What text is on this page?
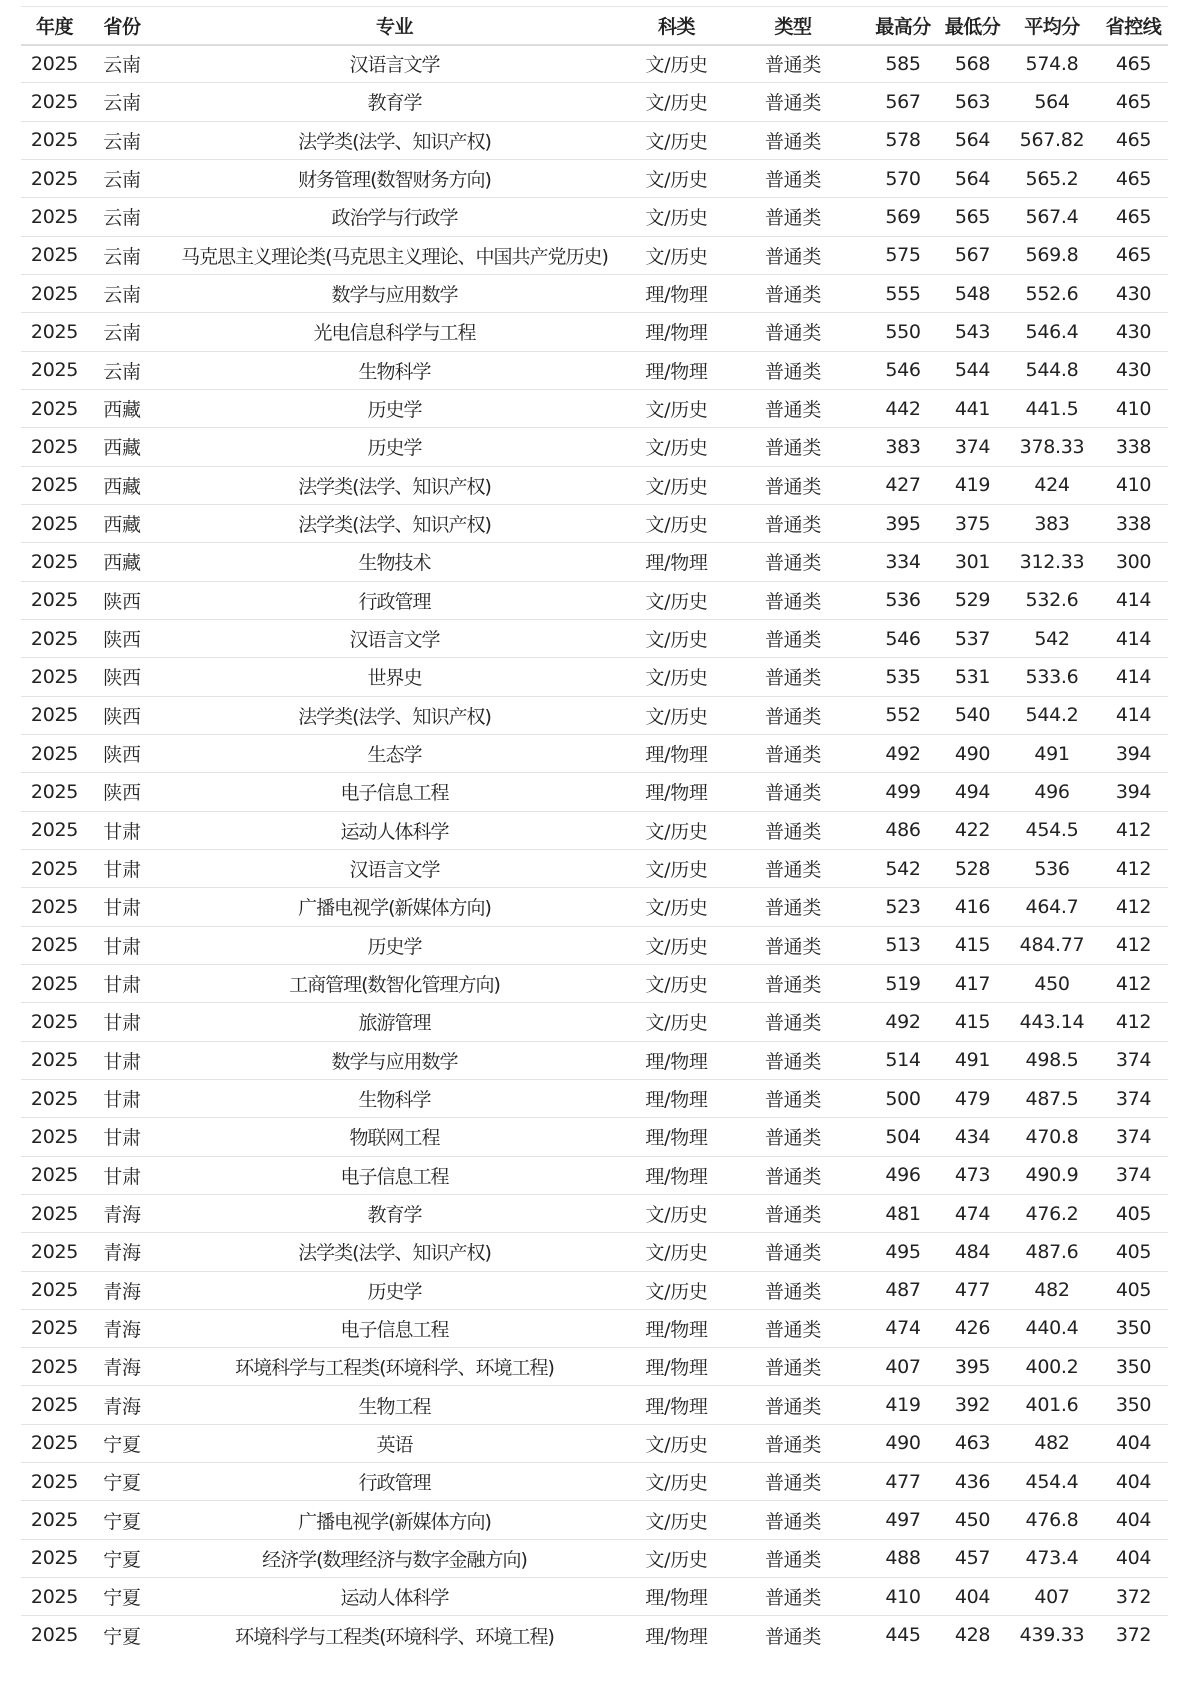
年度	省份	专业	科类	类型	最高分	最低分	平均分	省控线
2025	云南	汉语言文学	文/历史	普通类	585	568	574.8	465
2025	云南	教育学	文/历史	普通类	567	563	564	465
2025	云南	法学类(法学、知识产权)	文/历史	普通类	578	564	567.82	465
2025	云南	财务管理(数智财务方向)	文/历史	普通类	570	564	565.2	465
2025	云南	政治学与行政学	文/历史	普通类	569	565	567.4	465
2025	云南	马克思主义理论类(马克思主义理论、中国共产党历史)	文/历史	普通类	575	567	569.8	465
2025	云南	数学与应用数学	理/物理	普通类	555	548	552.6	430
2025	云南	光电信息科学与工程	理/物理	普通类	550	543	546.4	430
2025	云南	生物科学	理/物理	普通类	546	544	544.8	430
2025	西藏	历史学	文/历史	普通类	442	441	441.5	410
2025	西藏	历史学	文/历史	普通类	383	374	378.33	338
2025	西藏	法学类(法学、知识产权)	文/历史	普通类	427	419	424	410
2025	西藏	法学类(法学、知识产权)	文/历史	普通类	395	375	383	338
2025	西藏	生物技术	理/物理	普通类	334	301	312.33	300
2025	陕西	行政管理	文/历史	普通类	536	529	532.6	414
2025	陕西	汉语言文学	文/历史	普通类	546	537	542	414
2025	陕西	世界史	文/历史	普通类	535	531	533.6	414
2025	陕西	法学类(法学、知识产权)	文/历史	普通类	552	540	544.2	414
2025	陕西	生态学	理/物理	普通类	492	490	491	394
2025	陕西	电子信息工程	理/物理	普通类	499	494	496	394
2025	甘肃	运动人体科学	文/历史	普通类	486	422	454.5	412
2025	甘肃	汉语言文学	文/历史	普通类	542	528	536	412
2025	甘肃	广播电视学(新媒体方向)	文/历史	普通类	523	416	464.7	412
2025	甘肃	历史学	文/历史	普通类	513	415	484.77	412
2025	甘肃	工商管理(数智化管理方向)	文/历史	普通类	519	417	450	412
2025	甘肃	旅游管理	文/历史	普通类	492	415	443.14	412
2025	甘肃	数学与应用数学	理/物理	普通类	514	491	498.5	374
2025	甘肃	生物科学	理/物理	普通类	500	479	487.5	374
2025	甘肃	物联网工程	理/物理	普通类	504	434	470.8	374
2025	甘肃	电子信息工程	理/物理	普通类	496	473	490.9	374
2025	青海	教育学	文/历史	普通类	481	474	476.2	405
2025	青海	法学类(法学、知识产权)	文/历史	普通类	495	484	487.6	405
2025	青海	历史学	文/历史	普通类	487	477	482	405
2025	青海	电子信息工程	理/物理	普通类	474	426	440.4	350
2025	青海	环境科学与工程类(环境科学、环境工程)	理/物理	普通类	407	395	400.2	350
2025	青海	生物工程	理/物理	普通类	419	392	401.6	350
2025	宁夏	英语	文/历史	普通类	490	463	482	404
2025	宁夏	行政管理	文/历史	普通类	477	436	454.4	404
2025	宁夏	广播电视学(新媒体方向)	文/历史	普通类	497	450	476.8	404
2025	宁夏	经济学(数理经济与数字金融方向)	文/历史	普通类	488	457	473.4	404
2025	宁夏	运动人体科学	理/物理	普通类	410	404	407	372
2025	宁夏	环境科学与工程类(环境科学、环境工程)	理/物理	普通类	445	428	439.33	372
